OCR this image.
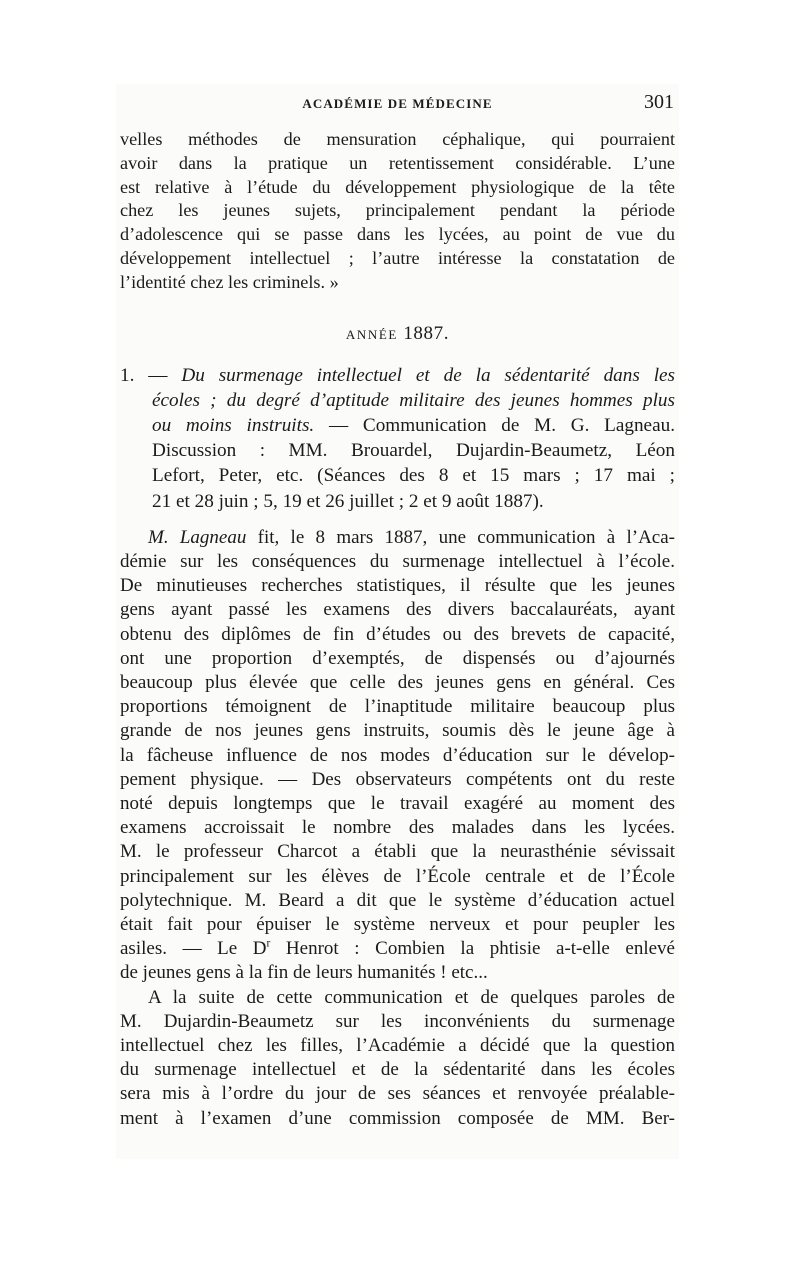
ACADÉMIE DE MÉDECINE	301
velles méthodes de mensuration céphalique, qui pourraient
avoir dans la pratique un retentissement considérable. L’une
est relative à l’étude du développement physiologique de la tête
chez les jeunes sujets, principalement pendant la période
d’adolescence qui se passe dans les lycées, au point de vue du
développement intellectuel ; l’autre intéresse la constatation de
l’identité chez les criminels. »
ANNÉE 1887.
1. — Du surmenage intellectuel et de la sédentarité dans les
écoles ; du degré d’aptitude militaire des jeunes hommes plus
ou moins instruits. — Communication de M. G. Lagneau.
Discussion : MM. Brouardel, Dujardin-Beaumetz, Léon
Lefort, Peter, etc. (Séances des 8 et 15 mars ; 17 mai ;
21 et 28 juin ; 5, 19 et 26 juillet ; 2 et 9 août 1887).
M. Lagneau fit, le 8 mars 1887, une communication à l’Aca-
démie sur les conséquences du surmenage intellectuel à l’école.
De minutieuses recherches statistiques, il résulte que les jeunes
gens ayant passé les examens des divers baccalauréats, ayant
obtenu des diplômes de fin d’études ou des brevets de capacité,
ont une proportion d’exemptés, de dispensés ou d’ajournés
beaucoup plus élevée que celle des jeunes gens en général. Ces
proportions témoignent de l’inaptitude militaire beaucoup plus
grande de nos jeunes gens instruits, soumis dès le jeune âge à
la fâcheuse influence de nos modes d’éducation sur le dévelop-
pement physique. — Des observateurs compétents ont du reste
noté depuis longtemps que le travail exagéré au moment des
examens accroissait le nombre des malades dans les lycées.
M. le professeur Charcot a établi que la neurasthénie sévissait
principalement sur les élèves de l’École centrale et de l’École
polytechnique. M. Beard a dit que le système d’éducation actuel
était fait pour épuiser le système nerveux et pour peupler les
asiles. — Le $D^r$ Henrot : Combien la phtisie a-t-elle enlevé
de jeunes gens à la fin de leurs humanités ! etc...
A la suite de cette communication et de quelques paroles de
M. Dujardin-Beaumetz sur les inconvénients du surmenage
intellectuel chez les filles, l’Académie a décidé que la question
du surmenage intellectuel et de la sédentarité dans les écoles
sera mis à l’ordre du jour de ses séances et renvoyée préalable-
ment à l’examen d’une commission composée de MM. Ber-
